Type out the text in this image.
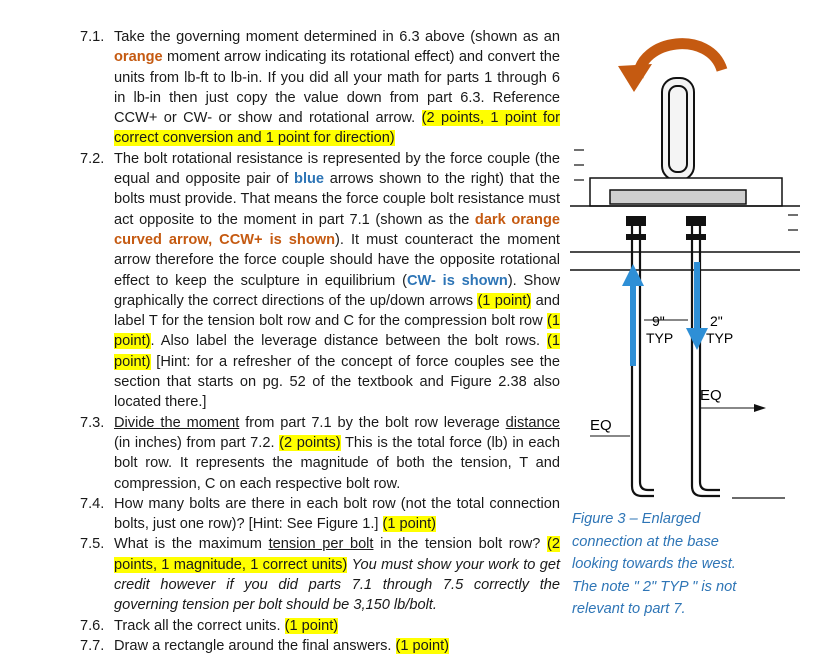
7.1. Take the governing moment determined in 6.3 above (shown as an orange moment arrow indicating its rotational effect) and convert the units from lb-ft to lb-in. If you did all your math for parts 1 through 6 in lb-in then just copy the value down from part 6.3. Reference CCW+ or CW- or show and rotational arrow. (2 points, 1 point for correct conversion and 1 point for direction)

7.2. The bolt rotational resistance is represented by the force couple (the equal and opposite pair of blue arrows shown to the right) that the bolts must provide. That means the force couple bolt resistance must act opposite to the moment in part 7.1 (shown as the dark orange curved arrow, CCW+ is shown). It must counteract the moment arrow therefore the force couple should have the opposite rotational effect to keep the sculpture in equilibrium (CW- is shown). Show graphically the correct directions of the up/down arrows (1 point) and label T for the tension bolt row and C for the compression bolt row (1 point). Also label the leverage distance between the bolt rows. (1 point) [Hint: for a refresher of the concept of force couples see the section that starts on pg. 52 of the textbook and Figure 2.38 also located there.]

7.3. Divide the moment from part 7.1 by the bolt row leverage distance (in inches) from part 7.2. (2 points) This is the total force (lb) in each bolt row. It represents the magnitude of both the tension, T and compression, C on each respective bolt row.

7.4. How many bolts are there in each bolt row (not the total connection bolts, just one row)? [Hint: See Figure 1.] (1 point)

7.5. What is the maximum tension per bolt in the tension bolt row? (2 points, 1 magnitude, 1 correct units) You must show your work to get credit however if you did parts 7.1 through 7.5 correctly the governing tension per bolt should be 3,150 lb/bolt.

7.6. Track all the correct units. (1 point)

7.7. Draw a rectangle around the final answers. (1 point)

9"
TYP
2"
TYP
EQ
EQ
Figure 3 – Enlarged
connection at the base
looking towards the west.
The note " 2" TYP " is not
relevant to part 7.
